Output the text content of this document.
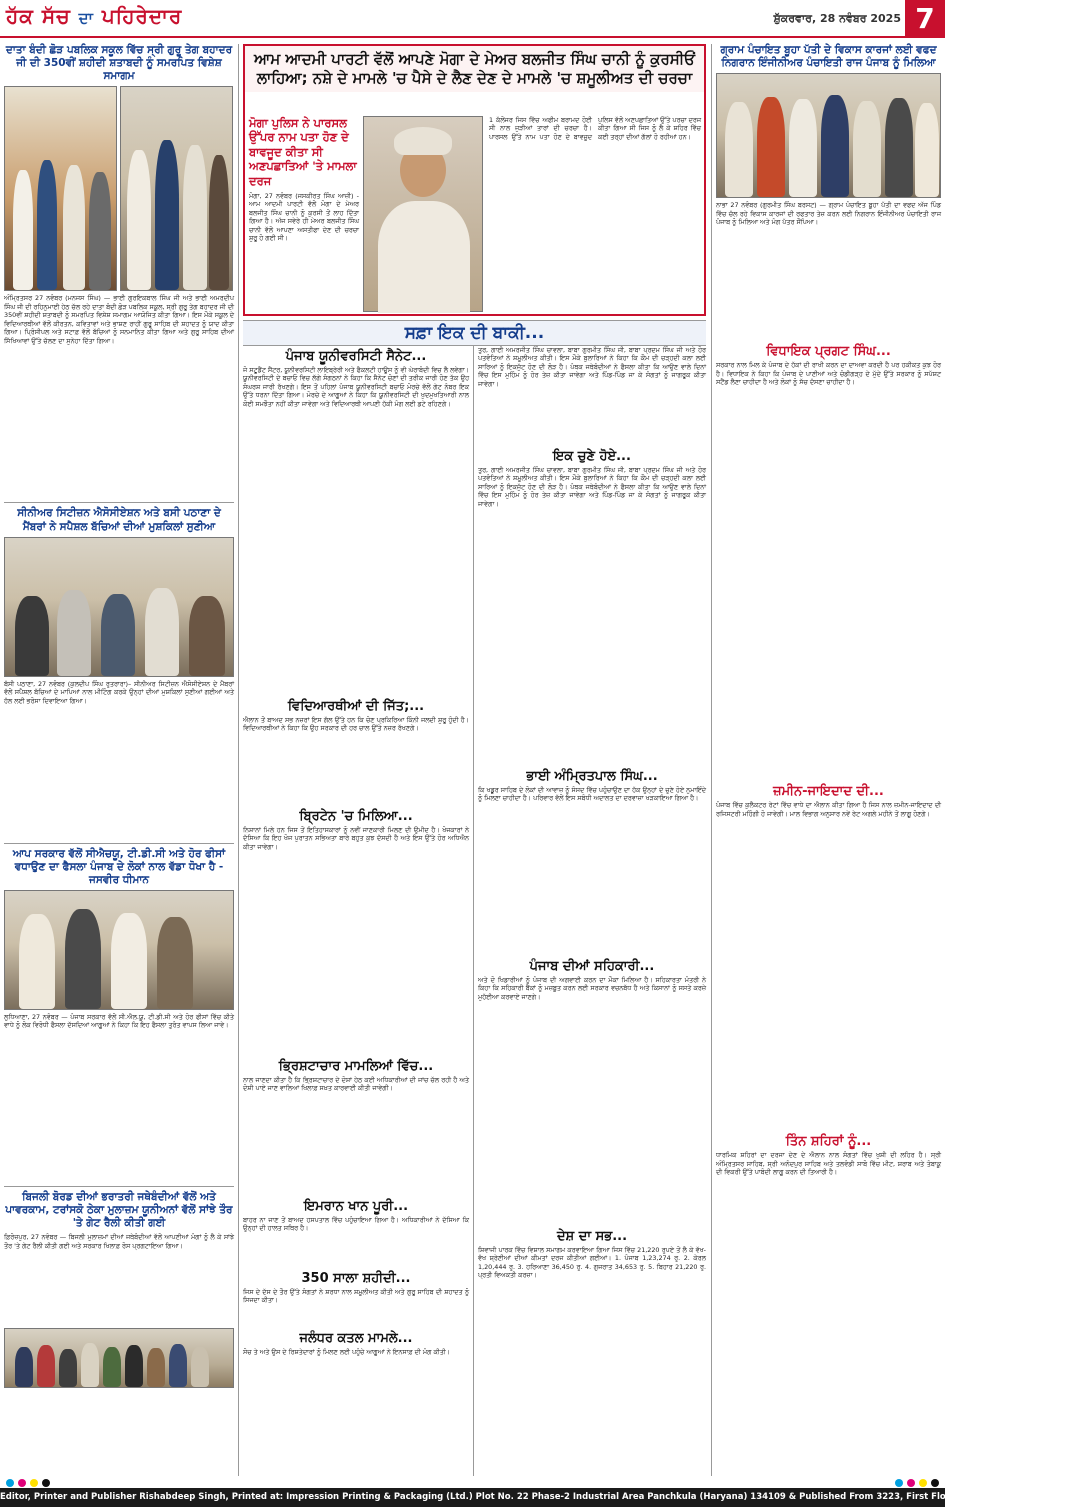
ਹੱਕ ਸੱਚ ਦਾ ਪਹਿਰੇਦਾਰ	ਸ਼ੁੱਕਰਵਾਰ, 28 ਨਵੰਬਰ 2025 7
ਦਾਤਾ ਬੰਦੀ ਛੋੜ ਪਬਲਿਕ ਸਕੂਲ ਵਿੱਚ ਸ੍ਰੀ ਗੁਰੂ ਤੇਗ ਬਹਾਦਰ ਜੀ ਦੀ 350ਵੀਂ ਸ਼ਹੀਦੀ ਸ਼ਤਾਬਦੀ ਨੂੰ ਸਮਰਪਿਤ ਵਿਸ਼ੇਸ਼ ਸਮਾਗਮ
ਅੰਮ੍ਰਿਤਸਰ 27 ਨਵੰਬਰ (ਮਨਜਸ ਸਿੰਘ) — ਭਾਈ ਗੁਰਇਕਬਾਲ ਸਿੰਘ ਜੀ ਅਤੇ ਭਾਈ ਅਮਰਦੀਪ ਸਿੰਘ ਜੀ ਦੀ ਰਹਿਨੁਮਾਈ ਹੇਠ ਚੱਲ ਰਹੇ ਦਾਤਾ ਬੰਦੀ ਛੋੜ ਪਬਲਿਕ ਸਕੂਲ, ਸ੍ਰੀ ਗੁਰੂ ਤੇਗ ਬਹਾਦਰ ਜੀ ਦੀ 350ਵੀਂ ਸ਼ਹੀਦੀ ਸ਼ਤਾਬਦੀ ਨੂੰ ਸਮਰਪਿਤ ਵਿਸ਼ੇਸ਼ ਸਮਾਗਮ ਆਯੋਜਿਤ ਕੀਤਾ ਗਿਆ। ਇਸ ਮੌਕੇ ਸਕੂਲ ਦੇ ਵਿਦਿਆਰਥੀਆਂ ਵੱਲੋਂ ਕੀਰਤਨ, ਕਵਿਤਾਵਾਂ ਅਤੇ ਭਾਸ਼ਣ ਰਾਹੀਂ ਗੁਰੂ ਸਾਹਿਬ ਦੀ ਸ਼ਹਾਦਤ ਨੂੰ ਯਾਦ ਕੀਤਾ ਗਿਆ। ਪ੍ਰਿੰਸੀਪਲ ਅਤੇ ਸਟਾਫ਼ ਵੱਲੋਂ ਬੱਚਿਆਂ ਨੂੰ ਸਨਮਾਨਿਤ ਕੀਤਾ ਗਿਆ ਅਤੇ ਗੁਰੂ ਸਾਹਿਬ ਦੀਆਂ ਸਿੱਖਿਆਵਾਂ ਉੱਤੇ ਚੱਲਣ ਦਾ ਸੁਨੇਹਾ ਦਿੱਤਾ ਗਿਆ।
ਸੀਨੀਅਰ ਸਿਟੀਜ਼ਨ ਐਸੋਸੀਏਸ਼ਨ ਅਤੇ ਬਸੀ ਪਠਾਣਾ ਦੇ ਮੈਂਬਰਾਂ ਨੇ ਸਪੈਸ਼ਲ ਬੱਚਿਆਂ ਦੀਆਂ ਮੁਸ਼ਕਿਲਾਂ ਸੁਣੀਆ
ਬੱਸੀ ਪਠਾਣਾ, 27 ਨਵੰਬਰ (ਕੁਲਦੀਪ ਸਿੰਘ ਰੁਤਰਾਰਾ)– ਸੀਨੀਅਰ ਸਿਟੀਜ਼ਨ ਐਸੋਸੀਏਸ਼ਨ ਦੇ ਮੈਂਬਰਾਂ ਵੱਲੋਂ ਸਪੈਸ਼ਲ ਬੱਚਿਆਂ ਦੇ ਮਾਪਿਆਂ ਨਾਲ ਮੀਟਿੰਗ ਕਰਕੇ ਉਨ੍ਹਾਂ ਦੀਆਂ ਮੁਸ਼ਕਿਲਾਂ ਸੁਣੀਆਂ ਗਈਆਂ ਅਤੇ ਹੱਲ ਲਈ ਭਰੋਸਾ ਦਿਵਾਇਆ ਗਿਆ।
ਆਪ ਸਰਕਾਰ ਵੱਲੋਂ ਸੀਐਚਯੂ, ਟੀ.ਡੀ.ਸੀ ਅਤੇ ਹੋਰ ਫੀਸਾਂ ਵਧਾਉਣ ਦਾ ਫੈਸਲਾ ਪੰਜਾਬ ਦੇ ਲੋਕਾਂ ਨਾਲ ਵੱਡਾ ਧੋਖਾ ਹੈ - ਜਸਵੀਰ ਧੀਮਾਨ
ਲੁਧਿਆਣਾ, 27 ਨਵੰਬਰ — ਪੰਜਾਬ ਸਰਕਾਰ ਵੱਲੋਂ ਸੀ.ਐਲ.ਯੂ, ਟੀ.ਡੀ.ਸੀ ਅਤੇ ਹੋਰ ਫੀਸਾਂ ਵਿੱਚ ਕੀਤੇ ਵਾਧੇ ਨੂੰ ਲੋਕ ਵਿਰੋਧੀ ਫੈਸਲਾ ਦੱਸਦਿਆਂ ਆਗੂਆਂ ਨੇ ਕਿਹਾ ਕਿ ਇਹ ਫੈਸਲਾ ਤੁਰੰਤ ਵਾਪਸ ਲਿਆ ਜਾਵੇ।
ਬਿਜਲੀ ਬੋਰਡ ਦੀਆਂ ਭਰਾਤਰੀ ਜਥੇਬੰਦੀਆਂ ਵੱਲੋਂ ਅਤੇ ਪਾਵਰਕਾਮ, ਟਰਾਂਸਕੋ ਠੇਕਾ ਮੁਲਾਜ਼ਮ ਯੂਨੀਅਨਾਂ ਵੱਲੋਂ ਸਾਂਝੇ ਤੌਰ 'ਤੇ ਗੇਟ ਰੈਲੀ ਕੀਤੀ ਗਈ
ਫ਼ਿਰੋਜ਼ਪੁਰ, 27 ਨਵੰਬਰ — ਬਿਜਲੀ ਮੁਲਾਜ਼ਮਾਂ ਦੀਆਂ ਜਥੇਬੰਦੀਆਂ ਵੱਲੋਂ ਆਪਣੀਆਂ ਮੰਗਾਂ ਨੂੰ ਲੈ ਕੇ ਸਾਂਝੇ ਤੌਰ 'ਤੇ ਗੇਟ ਰੈਲੀ ਕੀਤੀ ਗਈ ਅਤੇ ਸਰਕਾਰ ਖਿਲਾਫ਼ ਰੋਸ ਪ੍ਰਗਟਾਇਆ ਗਿਆ।
ਆਮ ਆਦਮੀ ਪਾਰਟੀ ਵੱਲੋਂ ਆਪਣੇ ਮੋਗਾ ਦੇ ਮੇਅਰ ਬਲਜੀਤ ਸਿੰਘ ਚਾਨੀ ਨੂੰ ਕੁਰਸੀਓਂ ਲਾਹਿਆ; ਨਸ਼ੇ ਦੇ ਮਾਮਲੇ 'ਚ ਪੈਸੇ ਦੇ ਲੈਣ ਦੇਣ ਦੇ ਮਾਮਲੇ 'ਚ ਸ਼ਮੂਲੀਅਤ ਦੀ ਚਰਚਾ
ਮੋਗਾ ਪੁਲਿਸ ਨੇ ਪਾਰਸਲ ਉੱਪਰ ਨਾਮ ਪਤਾ ਹੋਣ ਦੇ ਬਾਵਜੂਦ ਕੀਤਾ ਸੀ ਅਣਪਛਾਤਿਆਂ 'ਤੇ ਮਾਮਲਾ ਦਰਜ
ਮੋਗਾ, 27 ਨਵੰਬਰ (ਜਸਕੀਰਤ ਸਿੰਘ ਆਜ਼ੀ) - ਆਮ ਆਦਮੀ ਪਾਰਟੀ ਵੱਲੋਂ ਮੋਗਾ ਦੇ ਮੇਅਰ ਬਲਜੀਤ ਸਿੰਘ ਚਾਨੀ ਨੂੰ ਕੁਰਸੀ ਤੋਂ ਲਾਹ ਦਿੱਤਾ ਗਿਆ ਹੈ। ਅੱਜ ਸਵੇਰੇ ਹੀ ਮੇਅਰ ਬਲਜੀਤ ਸਿੰਘ ਚਾਨੀ ਵੱਲੋਂ ਆਪਣਾ ਅਸਤੀਫਾ ਦੇਣ ਦੀ ਚਰਚਾ ਸ਼ੁਰੂ ਹੋ ਗਈ ਸੀ।
1 ਕੱਲੋਂਜਰ ਜਿਸ ਵਿੱਚ ਅਫੀਮ ਬਰਾਮਦ ਹੋਈ ਸੀ ਨਾਲ ਜੁੜੀਆਂ ਤਾਰਾਂ ਦੀ ਚਰਚਾ ਹੈ। ਪਾਰਸਲ ਉੱਤੇ ਨਾਮ ਪਤਾ ਹੋਣ ਦੇ ਬਾਵਜੂਦ ਪੁਲਿਸ ਵੱਲੋਂ ਅਣਪਛਾਤਿਆਂ ਉੱਤੇ ਪਰਚਾ ਦਰਜ ਕੀਤਾ ਗਿਆ ਸੀ ਜਿਸ ਨੂੰ ਲੈ ਕੇ ਸ਼ਹਿਰ ਵਿੱਚ ਕਈ ਤਰ੍ਹਾਂ ਦੀਆਂ ਗੱਲਾਂ ਹੋ ਰਹੀਆਂ ਹਨ।
ਸਫ਼ਾ ਇਕ ਦੀ ਬਾਕੀ...
ਪੰਜਾਬ ਯੂਨੀਵਰਸਿਟੀ ਸੈਨੇਟ...
ਜੋ ਸਟੂਡੈਂਟ ਸੈਂਟਰ, ਯੂਨੀਵਰਸਿਟੀ ਲਾਇਬ੍ਰੇਰੀ ਅਤੇ ਫੈਕਲਟੀ ਹਾਊਸ ਨੂੰ ਵੀ ਘੇਰਾਬੰਦੀ ਵਿਚ ਲੈ ਲਵੇਗਾ। ਯੂਨੀਵਰਸਿਟੀ ਦੇ ਬਚਾਓ ਵਿਚ ਲੱਗੇ ਸੰਗਠਨਾਂ ਨੇ ਕਿਹਾ ਕਿ ਸੈਨੇਟ ਚੋਣਾਂ ਦੀ ਤਰੀਕ ਜਾਰੀ ਹੋਣ ਤੱਕ ਉਹ ਸੰਘਰਸ਼ ਜਾਰੀ ਰੱਖਣਗੇ। ਇਸ ਤੋਂ ਪਹਿਲਾਂ ਪੰਜਾਬ ਯੂਨੀਵਰਸਿਟੀ ਬਚਾਓ ਮੋਰਚੇ ਵੱਲੋਂ ਗੇਟ ਨੰਬਰ ਇਕ ਉੱਤੇ ਧਰਨਾ ਦਿੱਤਾ ਗਿਆ। ਮੋਰਚੇ ਦੇ ਆਗੂਆਂ ਨੇ ਕਿਹਾ ਕਿ ਯੂਨੀਵਰਸਿਟੀ ਦੀ ਖੁਦਮੁਖਤਿਆਰੀ ਨਾਲ ਕੋਈ ਸਮਝੌਤਾ ਨਹੀਂ ਕੀਤਾ ਜਾਵੇਗਾ ਅਤੇ ਵਿਦਿਆਰਥੀ ਆਪਣੀ ਹੱਕੀ ਮੰਗ ਲਈ ਡਟੇ ਰਹਿਣਗੇ।
ਵਿਦਿਆਰਥੀਆਂ ਦੀ ਜਿੱਤ;...
ਐਲਾਨ ਤੋਂ ਬਾਅਦ ਸਭ ਨਜ਼ਰਾਂ ਇਸ ਗੱਲ ਉੱਤੇ ਹਨ ਕਿ ਚੋਣ ਪ੍ਰਕਿਰਿਆ ਕਿੰਨੀ ਜਲਦੀ ਸ਼ੁਰੂ ਹੁੰਦੀ ਹੈ। ਵਿਦਿਆਰਥੀਆਂ ਨੇ ਕਿਹਾ ਕਿ ਉਹ ਸਰਕਾਰ ਦੀ ਹਰ ਚਾਲ ਉੱਤੇ ਨਜ਼ਰ ਰੱਖਣਗੇ।
ਬ੍ਰਿਟੇਨ 'ਚ ਮਿਲਿਆ...
ਨਿਸ਼ਾਨਾਂ ਮਿਲੇ ਹਨ ਜਿਸ ਤੋਂ ਇਤਿਹਾਸਕਾਰਾਂ ਨੂੰ ਨਵੀਂ ਜਾਣਕਾਰੀ ਮਿਲਣ ਦੀ ਉਮੀਦ ਹੈ। ਖੋਜਕਾਰਾਂ ਨੇ ਦੱਸਿਆ ਕਿ ਇਹ ਖੋਜ ਪੁਰਾਤਨ ਸਭਿਅਤਾ ਬਾਰੇ ਬਹੁਤ ਕੁਝ ਦੱਸਦੀ ਹੈ ਅਤੇ ਇਸ ਉੱਤੇ ਹੋਰ ਅਧਿਐਨ ਕੀਤਾ ਜਾਵੇਗਾ।
ਭ੍ਰਿਸ਼ਟਾਚਾਰ ਮਾਮਲਿਆਂ ਵਿੱਚ...
ਨਾਲ ਜਾਣਦਾ ਕੀਤਾ ਹੈ ਕਿ ਭ੍ਰਿਸ਼ਟਾਚਾਰ ਦੇ ਦੋਸ਼ਾਂ ਹੇਠ ਕਈ ਅਧਿਕਾਰੀਆਂ ਦੀ ਜਾਂਚ ਚੱਲ ਰਹੀ ਹੈ ਅਤੇ ਦੋਸ਼ੀ ਪਾਏ ਜਾਣ ਵਾਲਿਆਂ ਖਿਲਾਫ਼ ਸਖ਼ਤ ਕਾਰਵਾਈ ਕੀਤੀ ਜਾਵੇਗੀ।
ਇਮਰਾਨ ਖਾਨ ਪੂਰੀ...
ਬਾਹਰ ਨਾ ਜਾਣ ਤੋਂ ਬਾਅਦ ਹਸਪਤਾਲ ਵਿੱਚ ਪਹੁੰਚਾਇਆ ਗਿਆ ਹੈ। ਅਧਿਕਾਰੀਆਂ ਨੇ ਦੱਸਿਆ ਕਿ ਉਨ੍ਹਾਂ ਦੀ ਹਾਲਤ ਸਥਿਰ ਹੈ।
350 ਸਾਲਾ ਸ਼ਹੀਦੀ...
ਜਿਸ ਦੇ ਦੱਸ ਦੇ ਤੌਰ ਉੱਤੇ ਸੰਗਤਾਂ ਨੇ ਸ਼ਰਧਾ ਨਾਲ ਸ਼ਮੂਲੀਅਤ ਕੀਤੀ ਅਤੇ ਗੁਰੂ ਸਾਹਿਬ ਦੀ ਸ਼ਹਾਦਤ ਨੂੰ ਸਿਜਦਾ ਕੀਤਾ।
ਜਲੰਧਰ ਕਤਲ ਮਾਮਲੇ...
ਸੋਚ ਤੇ ਅਤੇ ਉਸ ਦੇ ਰਿਸ਼ਤੇਦਾਰਾਂ ਨੂੰ ਮਿਲਣ ਲਈ ਪਹੁੰਚੇ ਆਗੂਆਂ ਨੇ ਇਨਸਾਫ਼ ਦੀ ਮੰਗ ਕੀਤੀ।
ਤੁਰ, ਗਾਈ ਅਮਰਜੀਤ ਸਿੰਘ ਚਾਵਲਾ, ਬਾਬਾ ਗੁਰਮੀਤ ਸਿੰਘ ਜੀ, ਬਾਬਾ ਪ੍ਰਦਮ ਸਿੰਘ ਜੀ ਅਤੇ ਹੋਰ ਪਤਵੰਤਿਆਂ ਨੇ ਸ਼ਮੂਲੀਅਤ ਕੀਤੀ। ਇਸ ਮੌਕੇ ਬੁਲਾਰਿਆਂ ਨੇ ਕਿਹਾ ਕਿ ਕੌਮ ਦੀ ਚੜ੍ਹਦੀ ਕਲਾ ਲਈ ਸਾਰਿਆਂ ਨੂੰ ਇਕਜੁੱਟ ਹੋਣ ਦੀ ਲੋੜ ਹੈ। ਪੰਥਕ ਜਥੇਬੰਦੀਆਂ ਨੇ ਫੈਸਲਾ ਕੀਤਾ ਕਿ ਆਉਣ ਵਾਲੇ ਦਿਨਾਂ ਵਿੱਚ ਇਸ ਮੁਹਿੰਮ ਨੂੰ ਹੋਰ ਤੇਜ਼ ਕੀਤਾ ਜਾਵੇਗਾ ਅਤੇ ਪਿੰਡ-ਪਿੰਡ ਜਾ ਕੇ ਸੰਗਤਾਂ ਨੂੰ ਜਾਗਰੂਕ ਕੀਤਾ ਜਾਵੇਗਾ।
ਇਕ ਚੁਣੇ ਹੋਏ...
ਤੁਰ, ਗਾਈ ਅਮਰਜੀਤ ਸਿੰਘ ਚਾਵਲਾ, ਬਾਬਾ ਗੁਰਮੀਤ ਸਿੰਘ ਜੀ, ਬਾਬਾ ਪ੍ਰਦਮ ਸਿੰਘ ਜੀ ਅਤੇ ਹੋਰ ਪਤਵੰਤਿਆਂ ਨੇ ਸ਼ਮੂਲੀਅਤ ਕੀਤੀ। ਇਸ ਮੌਕੇ ਬੁਲਾਰਿਆਂ ਨੇ ਕਿਹਾ ਕਿ ਕੌਮ ਦੀ ਚੜ੍ਹਦੀ ਕਲਾ ਲਈ ਸਾਰਿਆਂ ਨੂੰ ਇਕਜੁੱਟ ਹੋਣ ਦੀ ਲੋੜ ਹੈ। ਪੰਥਕ ਜਥੇਬੰਦੀਆਂ ਨੇ ਫੈਸਲਾ ਕੀਤਾ ਕਿ ਆਉਣ ਵਾਲੇ ਦਿਨਾਂ ਵਿੱਚ ਇਸ ਮੁਹਿੰਮ ਨੂੰ ਹੋਰ ਤੇਜ਼ ਕੀਤਾ ਜਾਵੇਗਾ ਅਤੇ ਪਿੰਡ-ਪਿੰਡ ਜਾ ਕੇ ਸੰਗਤਾਂ ਨੂੰ ਜਾਗਰੂਕ ਕੀਤਾ ਜਾਵੇਗਾ।
ਭਾਈ ਅੰਮ੍ਰਿਤਪਾਲ ਸਿੰਘ...
ਕਿ ਖਡੂਰ ਸਾਹਿਬ ਦੇ ਲੋਕਾਂ ਦੀ ਆਵਾਜ਼ ਨੂੰ ਸੰਸਦ ਵਿੱਚ ਪਹੁੰਚਾਉਣ ਦਾ ਹੱਕ ਉਨ੍ਹਾਂ ਦੇ ਚੁਣੇ ਹੋਏ ਨੁਮਾਇੰਦੇ ਨੂੰ ਮਿਲਣਾ ਚਾਹੀਦਾ ਹੈ। ਪਰਿਵਾਰ ਵੱਲੋਂ ਇਸ ਸਬੰਧੀ ਅਦਾਲਤ ਦਾ ਦਰਵਾਜ਼ਾ ਖੜਕਾਇਆ ਗਿਆ ਹੈ।
ਪੰਜਾਬ ਦੀਆਂ ਸਹਿਕਾਰੀ...
ਅਤੇ ਦੋ ਖਿਡਾਰੀਆਂ ਨੂੰ ਪੰਜਾਬ ਦੀ ਅਗਵਾਈ ਕਰਨ ਦਾ ਮੌਕਾ ਮਿਲਿਆ ਹੈ। ਸਹਿਕਾਰਤਾ ਮੰਤਰੀ ਨੇ ਕਿਹਾ ਕਿ ਸਹਿਕਾਰੀ ਬੈਂਕਾਂ ਨੂੰ ਮਜ਼ਬੂਤ ਕਰਨ ਲਈ ਸਰਕਾਰ ਵਚਨਬੱਧ ਹੈ ਅਤੇ ਕਿਸਾਨਾਂ ਨੂੰ ਸਸਤੇ ਕਰਜ਼ੇ ਮੁਹੱਈਆ ਕਰਵਾਏ ਜਾਣਗੇ।
ਦੇਸ਼ ਦਾ ਸਭ...
ਸ਼ਿਵਾਜੀ ਪਾਰਕ ਵਿੱਚ ਵਿਸ਼ਾਲ ਸਮਾਗਮ ਕਰਵਾਇਆ ਗਿਆ ਜਿਸ ਵਿੱਚ 21,220 ਰੁਪਏ ਤੋਂ ਲੈ ਕੇ ਵੱਖ-ਵੱਖ ਸ਼੍ਰੇਣੀਆਂ ਦੀਆਂ ਕੀਮਤਾਂ ਦਰਜ ਕੀਤੀਆਂ ਗਈਆਂ। 1. ਪੰਜਾਬ 1,23,274 ਰੁ. 2. ਕੇਰਲ 1,20,444 ਰੁ. 3. ਹਰਿਆਣਾ 36,450 ਰੁ. 4. ਗੁਜਰਾਤ 34,653 ਰੁ. 5. ਬਿਹਾਰ 21,220 ਰੁ. ਪ੍ਰਤੀ ਵਿਅਕਤੀ ਕਰਜ਼ਾ।
ਗ੍ਰਾਮ ਪੰਚਾਇਤ ਬੂਹਾ ਪੱਤੀ ਦੇ ਵਿਕਾਸ ਕਾਰਜਾਂ ਲਈ ਵਫਦ ਨਿਗਰਾਨ ਇੰਜੀਨੀਅਰ ਪੰਚਾਇਤੀ ਰਾਜ ਪੰਜਾਬ ਨੂੰ ਮਿਲਿਆ
ਨਾਭਾ 27 ਨਵੰਬਰ (ਗੁਰਮੀਤ ਸਿੰਘ ਬਰਸਟ) — ਗ੍ਰਾਮ ਪੰਚਾਇਤ ਬੂਹਾ ਪੱਤੀ ਦਾ ਵਫਦ ਅੱਜ ਪਿੰਡ ਵਿੱਚ ਚੱਲ ਰਹੇ ਵਿਕਾਸ ਕਾਰਜਾਂ ਦੀ ਰਫਤਾਰ ਤੇਜ਼ ਕਰਨ ਲਈ ਨਿਗਰਾਨ ਇੰਜੀਨੀਅਰ ਪੰਚਾਇਤੀ ਰਾਜ ਪੰਜਾਬ ਨੂੰ ਮਿਲਿਆ ਅਤੇ ਮੰਗ ਪੱਤਰ ਸੌਂਪਿਆ।
ਵਿਧਾਇਕ ਪ੍ਰਗਟ ਸਿੰਘ...
ਸਰਕਾਰ ਨਾਲ ਮਿਲ ਕੇ ਪੰਜਾਬ ਦੇ ਹੱਕਾਂ ਦੀ ਰਾਖੀ ਕਰਨ ਦਾ ਦਾਅਵਾ ਕਰਦੀ ਹੈ ਪਰ ਹਕੀਕਤ ਕੁਝ ਹੋਰ ਹੈ। ਵਿਧਾਇਕ ਨੇ ਕਿਹਾ ਕਿ ਪੰਜਾਬ ਦੇ ਪਾਣੀਆਂ ਅਤੇ ਚੰਡੀਗੜ੍ਹ ਦੇ ਮੁੱਦੇ ਉੱਤੇ ਸਰਕਾਰ ਨੂੰ ਸਪੱਸ਼ਟ ਸਟੈਂਡ ਲੈਣਾ ਚਾਹੀਦਾ ਹੈ ਅਤੇ ਲੋਕਾਂ ਨੂੰ ਸੱਚ ਦੱਸਣਾ ਚਾਹੀਦਾ ਹੈ।
ਜ਼ਮੀਨ-ਜਾਇਦਾਦ ਦੀ...
ਪੰਜਾਬ ਵਿੱਚ ਕੁਲੈਕਟਰ ਰੇਟਾਂ ਵਿੱਚ ਵਾਧੇ ਦਾ ਐਲਾਨ ਕੀਤਾ ਗਿਆ ਹੈ ਜਿਸ ਨਾਲ ਜ਼ਮੀਨ-ਜਾਇਦਾਦ ਦੀ ਰਜਿਸਟਰੀ ਮਹਿੰਗੀ ਹੋ ਜਾਵੇਗੀ। ਮਾਲ ਵਿਭਾਗ ਅਨੁਸਾਰ ਨਵੇਂ ਰੇਟ ਅਗਲੇ ਮਹੀਨੇ ਤੋਂ ਲਾਗੂ ਹੋਣਗੇ।
ਤਿੰਨ ਸ਼ਹਿਰਾਂ ਨੂੰ...
ਧਾਰਮਿਕ ਸ਼ਹਿਰਾਂ ਦਾ ਦਰਜਾ ਦੇਣ ਦੇ ਐਲਾਨ ਨਾਲ ਸੰਗਤਾਂ ਵਿੱਚ ਖੁਸ਼ੀ ਦੀ ਲਹਿਰ ਹੈ। ਸ੍ਰੀ ਅੰਮ੍ਰਿਤਸਰ ਸਾਹਿਬ, ਸ੍ਰੀ ਅਨੰਦਪੁਰ ਸਾਹਿਬ ਅਤੇ ਤਲਵੰਡੀ ਸਾਬੋ ਵਿੱਚ ਮੀਟ, ਸ਼ਰਾਬ ਅਤੇ ਤੰਬਾਕੂ ਦੀ ਵਿਕਰੀ ਉੱਤੇ ਪਾਬੰਦੀ ਲਾਗੂ ਕਰਨ ਦੀ ਤਿਆਰੀ ਹੈ।
Editor, Printer and Publisher Rishabdeep Singh, Printed at: Impression Printing & Packaging (Ltd.) Plot No. 22 Phase-2 Industrial Area Panchkula (Haryana) 134109 & Published From 3223, First Floor, Sector-25D, Chandigarh
